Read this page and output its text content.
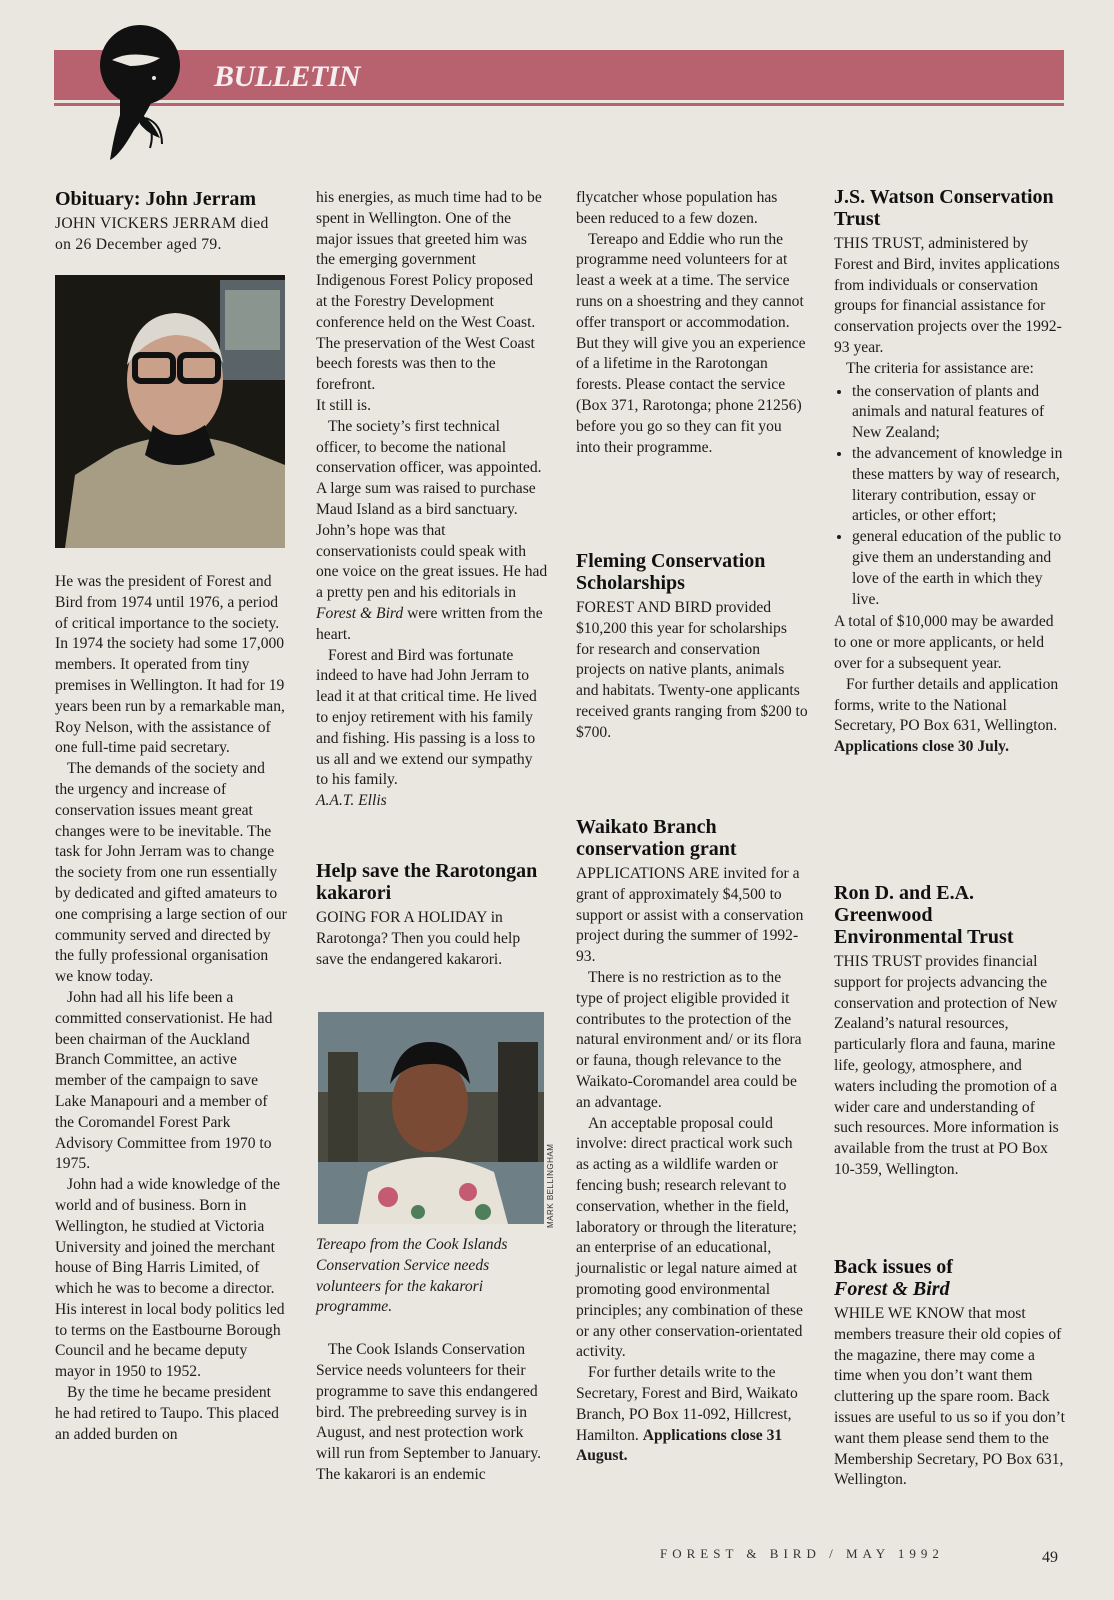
BULLETIN
Obituary: John Jerram

JOHN VICKERS JERRAM died on 26 December aged 79.

He was the president of Forest and Bird from 1974 until 1976, a period of critical importance to the society. In 1974 the society had some 17,000 members. It operated from tiny premises in Wellington. It had for 19 years been run by a remarkable man, Roy Nelson, with the assistance of one full-time paid secretary.

The demands of the society and the urgency and increase of conservation issues meant great changes were to be inevitable. The task for John Jerram was to change the society from one run essentially by dedicated and gifted amateurs to one comprising a large section of our community served and directed by the fully professional organisation we know today.

John had all his life been a committed conservationist. He had been chairman of the Auckland Branch Committee, an active member of the campaign to save Lake Manapouri and a member of the Coromandel Forest Park Advisory Committee from 1970 to 1975.

John had a wide knowledge of the world and of business. Born in Wellington, he studied at Victoria University and joined the merchant house of Bing Harris Limited, of which he was to become a director. His interest in local body politics led to terms on the Eastbourne Borough Council and he became deputy mayor in 1950 to 1952.

By the time he became president he had retired to Taupo. This placed an added burden on

his energies, as much time had to be spent in Wellington. One of the major issues that greeted him was the emerging government Indigenous Forest Policy proposed at the Forestry Development conference held on the West Coast. The preservation of the West Coast beech forests was then to the forefront.

It still is.

The society’s first technical officer, to become the national conservation officer, was appointed. A large sum was raised to purchase Maud Island as a bird sanctuary. John’s hope was that conservationists could speak with one voice on the great issues. He had a pretty pen and his editorials in Forest & Bird were written from the heart.

Forest and Bird was fortunate indeed to have had John Jerram to lead it at that critical time. He lived to enjoy retirement with his family and fishing. His passing is a loss to us all and we extend our sympathy to his family.

A.A.T. Ellis

Help save the Rarotongan kakarori

GOING FOR A HOLIDAY in Rarotonga? Then you could help save the endangered kakarori.

MARK BELLINGHAM

Tereapo from the Cook Islands Conservation Service needs volunteers for the kakarori programme.

The Cook Islands Conservation Service needs volunteers for their programme to save this endangered bird. The prebreeding survey is in August, and nest protection work will run from September to January. The kakarori is an endemic

flycatcher whose population has been reduced to a few dozen.

Tereapo and Eddie who run the programme need volunteers for at least a week at a time. The service runs on a shoestring and they cannot offer transport or accommodation. But they will give you an experience of a lifetime in the Rarotongan forests. Please contact the service (Box 371, Rarotonga; phone 21256) before you go so they can fit you into their programme.

Fleming Conservation Scholarships

FOREST AND BIRD provided $10,200 this year for scholarships for research and conservation projects on native plants, animals and habitats. Twenty-one applicants received grants ranging from $200 to $700.

Waikato Branch conservation grant

APPLICATIONS ARE invited for a grant of approximately $4,500 to support or assist with a conservation project during the summer of 1992-93.

There is no restriction as to the type of project eligible provided it contributes to the protection of the natural environment and/ or its flora or fauna, though relevance to the Waikato-Coromandel area could be an advantage.

An acceptable proposal could involve: direct practical work such as acting as a wildlife warden or fencing bush; research relevant to conservation, whether in the field, laboratory or through the literature; an enterprise of an educational, journalistic or legal nature aimed at promoting good environmental principles; any combination of these or any other conservation-orientated activity.

For further details write to the Secretary, Forest and Bird, Waikato Branch, PO Box 11-092, Hillcrest, Hamilton. Applications close 31 August.

J.S. Watson Conservation Trust

THIS TRUST, administered by Forest and Bird, invites applications from individuals or conservation groups for financial assistance for conservation projects over the 1992-93 year.

The criteria for assistance are:

• the conservation of plants and animals and natural features of New Zealand;
• the advancement of knowledge in these matters by way of research, literary contribution, essay or articles, or other effort;
• general education of the public to give them an understanding and love of the earth in which they live.

A total of $10,000 may be awarded to one or more applicants, or held over for a subsequent year.

For further details and application forms, write to the National Secretary, PO Box 631, Wellington. Applications close 30 July.

Ron D. and E.A. Greenwood Environmental Trust

THIS TRUST provides financial support for projects advancing the conservation and protection of New Zealand’s natural resources, particularly flora and fauna, marine life, geology, atmosphere, and waters including the promotion of a wider care and understanding of such resources. More information is available from the trust at PO Box 10-359, Wellington.

Back issues of
Forest & Bird

WHILE WE KNOW that most members treasure their old copies of the magazine, there may come a time when you don’t want them cluttering up the spare room. Back issues are useful to us so if you don’t want them please send them to the Membership Secretary, PO Box 631, Wellington.

FOREST & BIRD / MAY 1992	49
